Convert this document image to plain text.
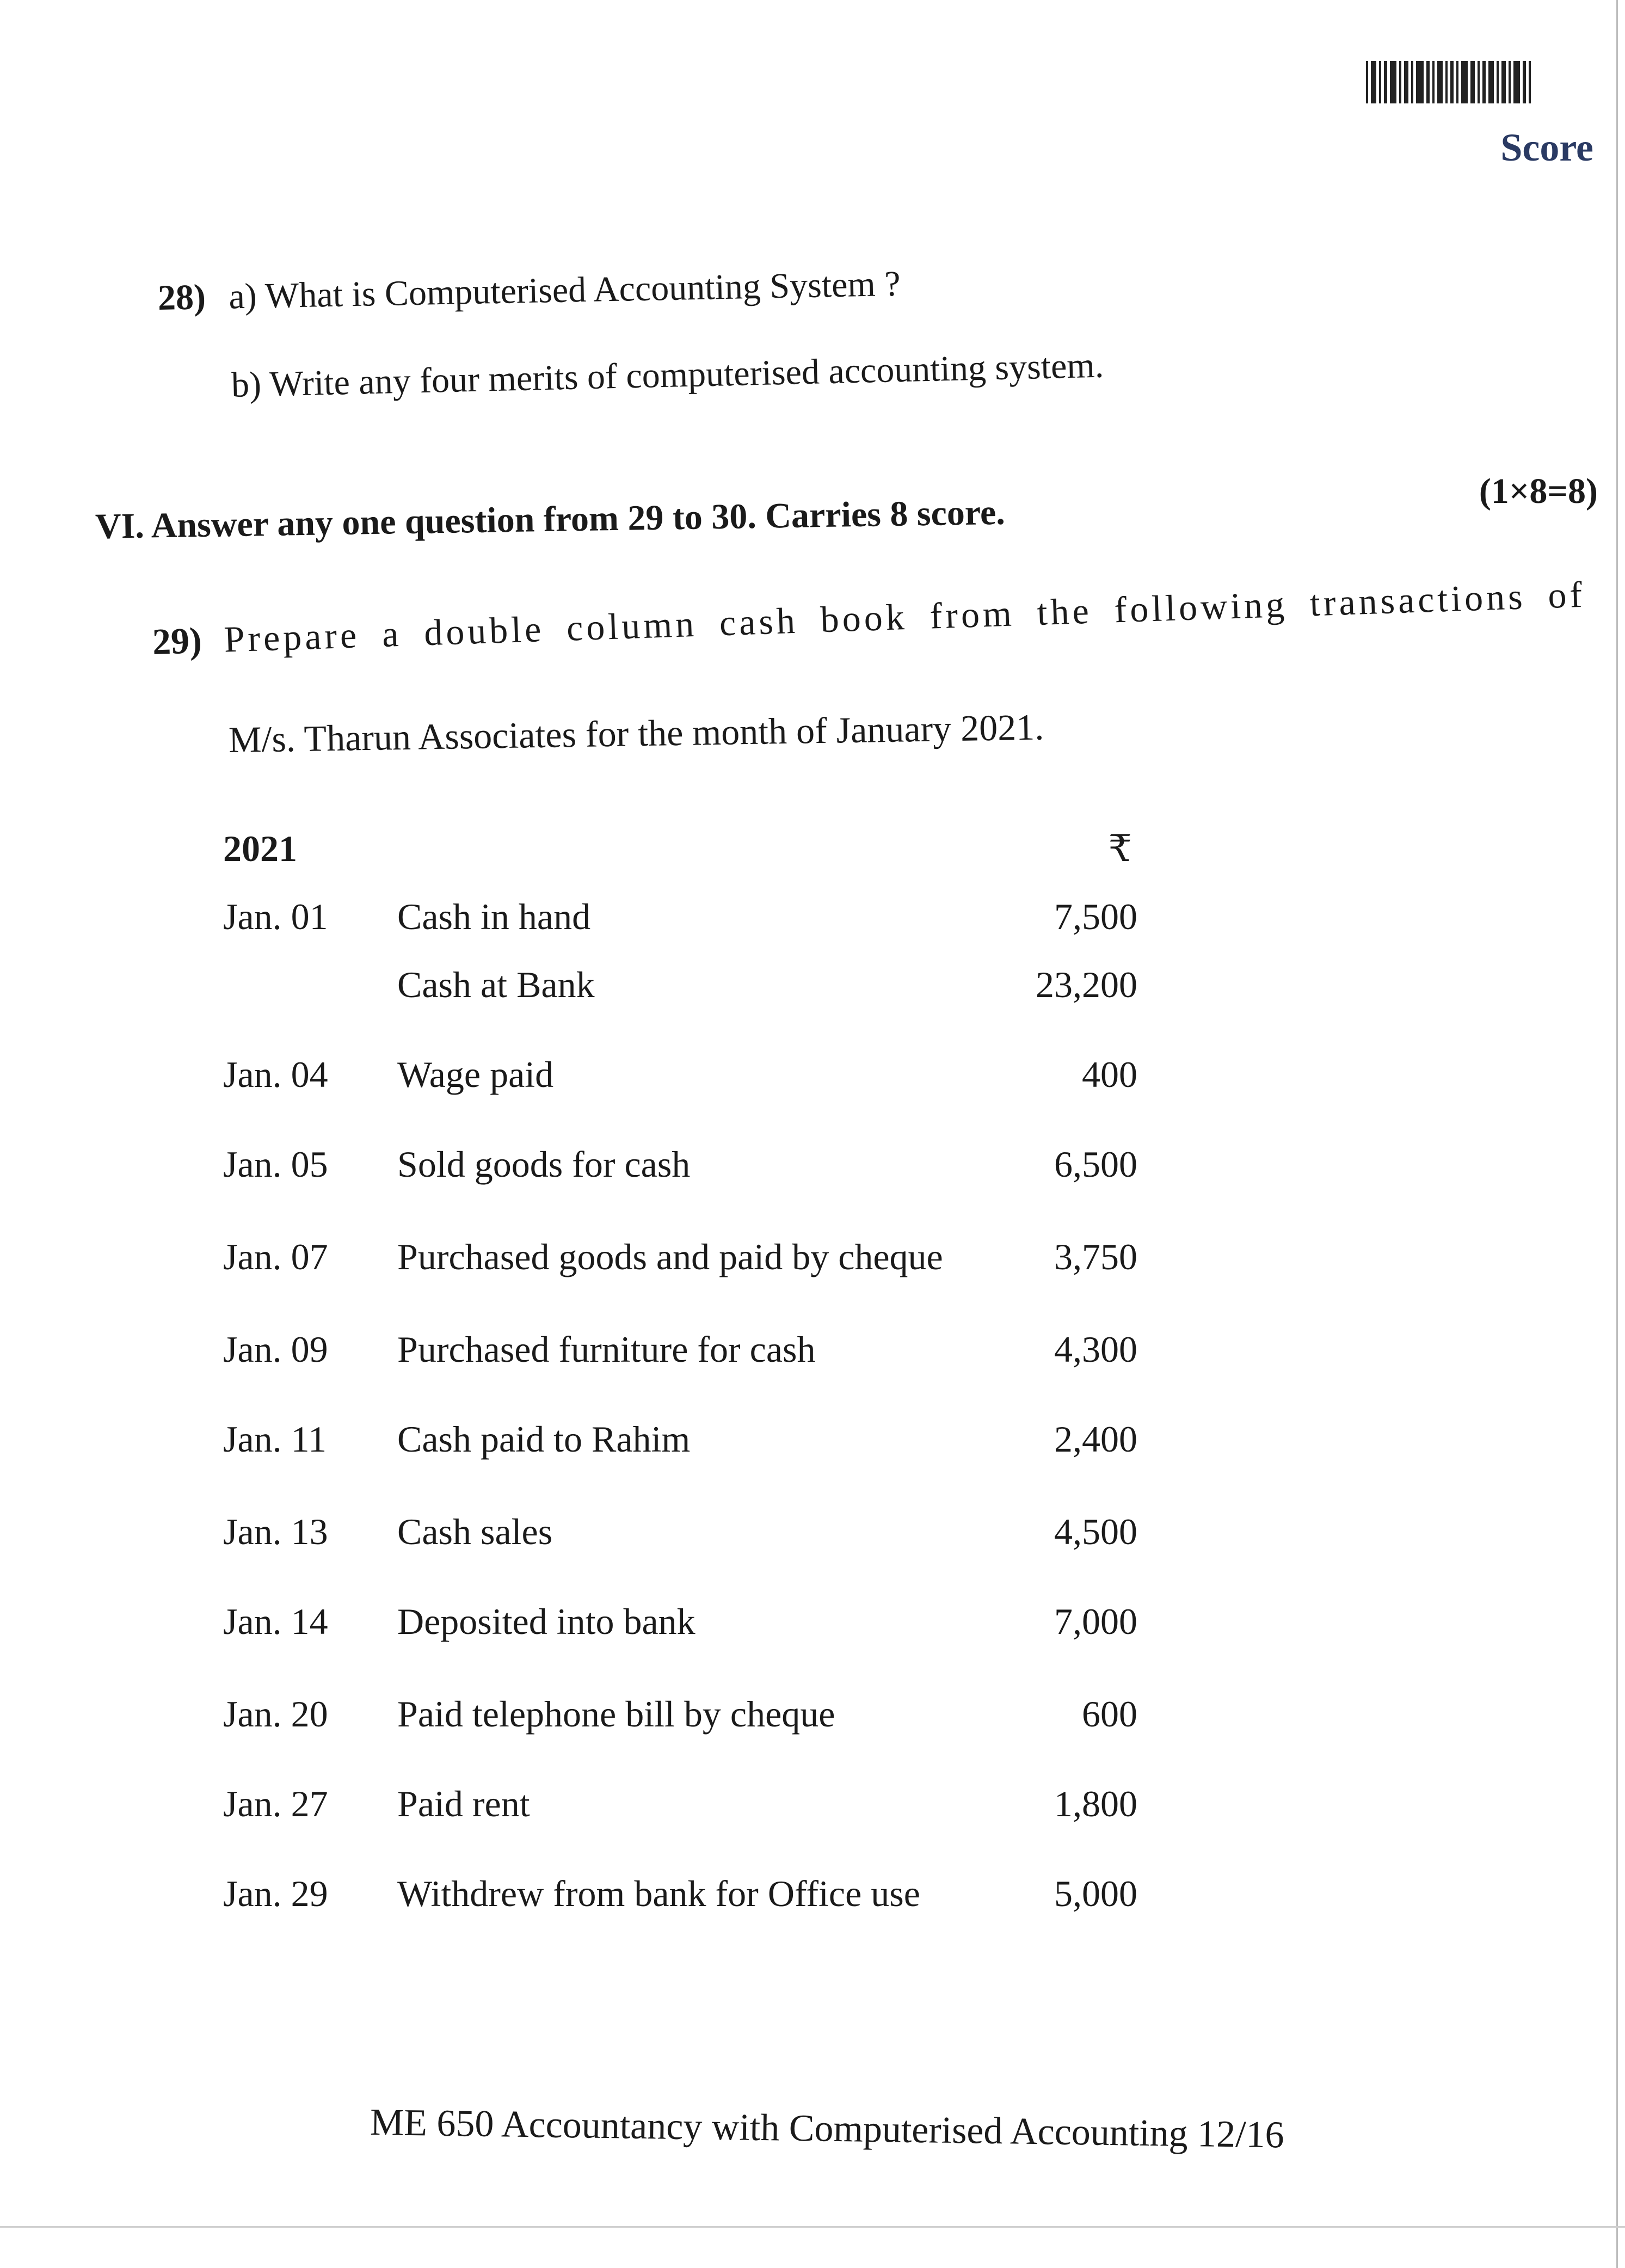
Score
28) a) What is Computerised Accounting System ?
b) Write any four merits of computerised accounting system.
(1×8=8)
VI. Answer any one question from 29 to 30. Carries 8 score.
29) Prepare a double column cash book from the following transactions of
M/s. Tharun Associates for the month of January 2021.
2021	₹
Jan. 01 Cash in hand	7,500
Cash at Bank	23,200
Jan. 04 Wage paid	400
Jan. 05 Sold goods for cash	6,500
Jan. 07 Purchased goods and paid by cheque	3,750
Jan. 09 Purchased furniture for cash	4,300
Jan. 11 Cash paid to Rahim	2,400
Jan. 13 Cash sales	4,500
Jan. 14 Deposited into bank	7,000
Jan. 20 Paid telephone bill by cheque	600
Jan. 27 Paid rent	1,800
Jan. 29 Withdrew from bank for Office use	5,000
ME 650 Accountancy with Computerised Accounting 12/16
